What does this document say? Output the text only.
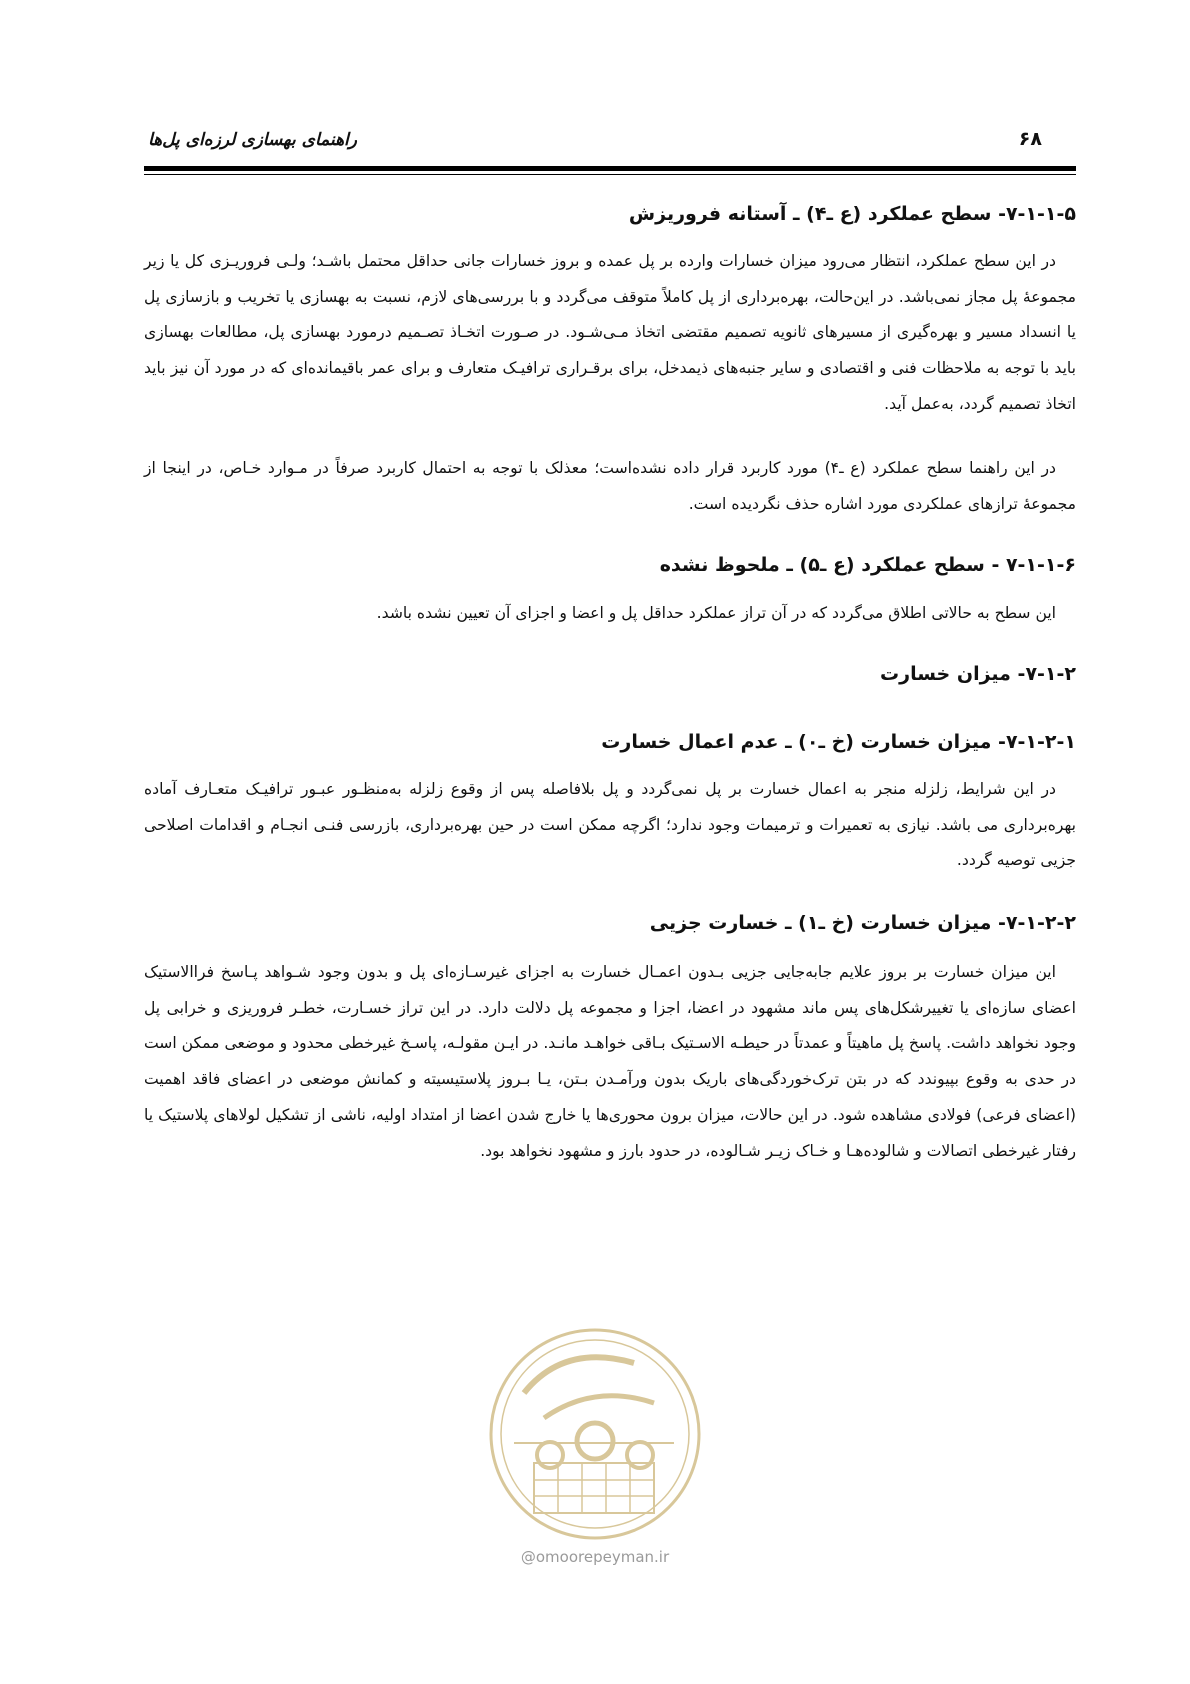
راهنمای بهسازی لرزه‌ای پل‌ها	۶۸
۷-۱-۱-۵- سطح عملکرد (ع ـ۴) ـ آستانه فروریزش
در این سطح عملکرد، انتظار می‌رود میزان خسارات وارده بر پل عمده و بروز خسارات جانی حداقل محتمل باشـد؛ ولـی فروریـزی کل یا زیر مجموعهٔ پل مجاز نمی‌باشد. در این‌حالت، بهره‌برداری از پل کاملاً متوقف می‌گردد و با بررسی‌های لازم، نسبت به بهسازی یا تخریب و بازسازی پل یا انسداد مسیر و بهره‌گیری از مسیرهای ثانویه تصمیم مقتضی اتخاذ مـی‌شـود. در صـورت اتخـاذ تصـمیم درمورد بهسازی پل، مطالعات بهسازی باید با توجه به ملاحظات فنی و اقتصادی و سایر جنبه‌های ذیمدخل، برای برقـراری ترافیـک متعارف و برای عمر باقیمانده‌ای که در مورد آن نیز باید اتخاذ تصمیم گردد، به‌عمل آید.
در این راهنما سطح عملکرد (ع ـ۴) مورد کاربرد قرار داده نشده‌است؛ معذلک با توجه به احتمال کاربرد صرفاً در مـوارد خـاص، در اینجا از مجموعهٔ ترازهای عملکردی مورد اشاره حذف نگردیده است.
۷-۱-۱-۶ - سطح عملکرد (ع ـ۵) ـ ملحوظ نشده
این سطح به حالاتی اطلاق می‌گردد که در آن تراز عملکرد حداقل پل و اعضا و اجزای آن تعیین نشده باشد.
۷-۱-۲- میزان خسارت
۷-۱-۲-۱- میزان خسارت (خ ـ۰) ـ عدم اعمال خسارت
در این شرایط، زلزله منجر به اعمال خسارت بر پل نمی‌گردد و پل بلافاصله پس از وقوع زلزله به‌منظـور عبـور ترافیـک متعـارف آماده بهره‌برداری می باشد. نیازی به تعمیرات و ترمیمات وجود ندارد؛ اگرچه ممکن است در حین بهره‌برداری، بازرسی فنـی انجـام و اقدامات اصلاحی جزیی توصیه گردد.
۷-۱-۲-۲- میزان خسارت (خ ـ۱) ـ خسارت جزیی
این میزان خسارت بر بروز علایم جابه‌جایی جزیی بـدون اعمـال خسارت به اجزای غیرسـازه‌ای پل و بدون وجود شـواهد پـاسخ فراالاستیک اعضای سازه‌ای یا تغییرشکل‌های پس ماند مشهود در اعضا، اجزا و مجموعه پل دلالت دارد. در این تراز خسـارت، خطـر فروریزی و خرابی پل وجود نخواهد داشت. پاسخ پل ماهیتاً و عمدتاً در حیطـه الاسـتیک بـاقی خواهـد مانـد. در ایـن مقولـه، پاسـخ غیرخطی محدود و موضعی ممکن است در حدی به وقوع بپیوندد که در بتن ترک‌خوردگی‌های باریک بدون ورآمـدن بـتن، یـا بـروز پلاستیسیته و کمانش موضعی در اعضای فاقد اهمیت (اعضای فرعی) فولادی مشاهده شود. در این حالات، میزان برون محوری‌ها یا خارج شدن اعضا از امتداد اولیه، ناشی از تشکیل لولاهای پلاستیک یا رفتار غیرخطی اتصالات و شالوده‌هـا و خـاک زیـر شـالوده، در حدود بارز و مشهود نخواهد بود.
@omoorepeyman.ir
